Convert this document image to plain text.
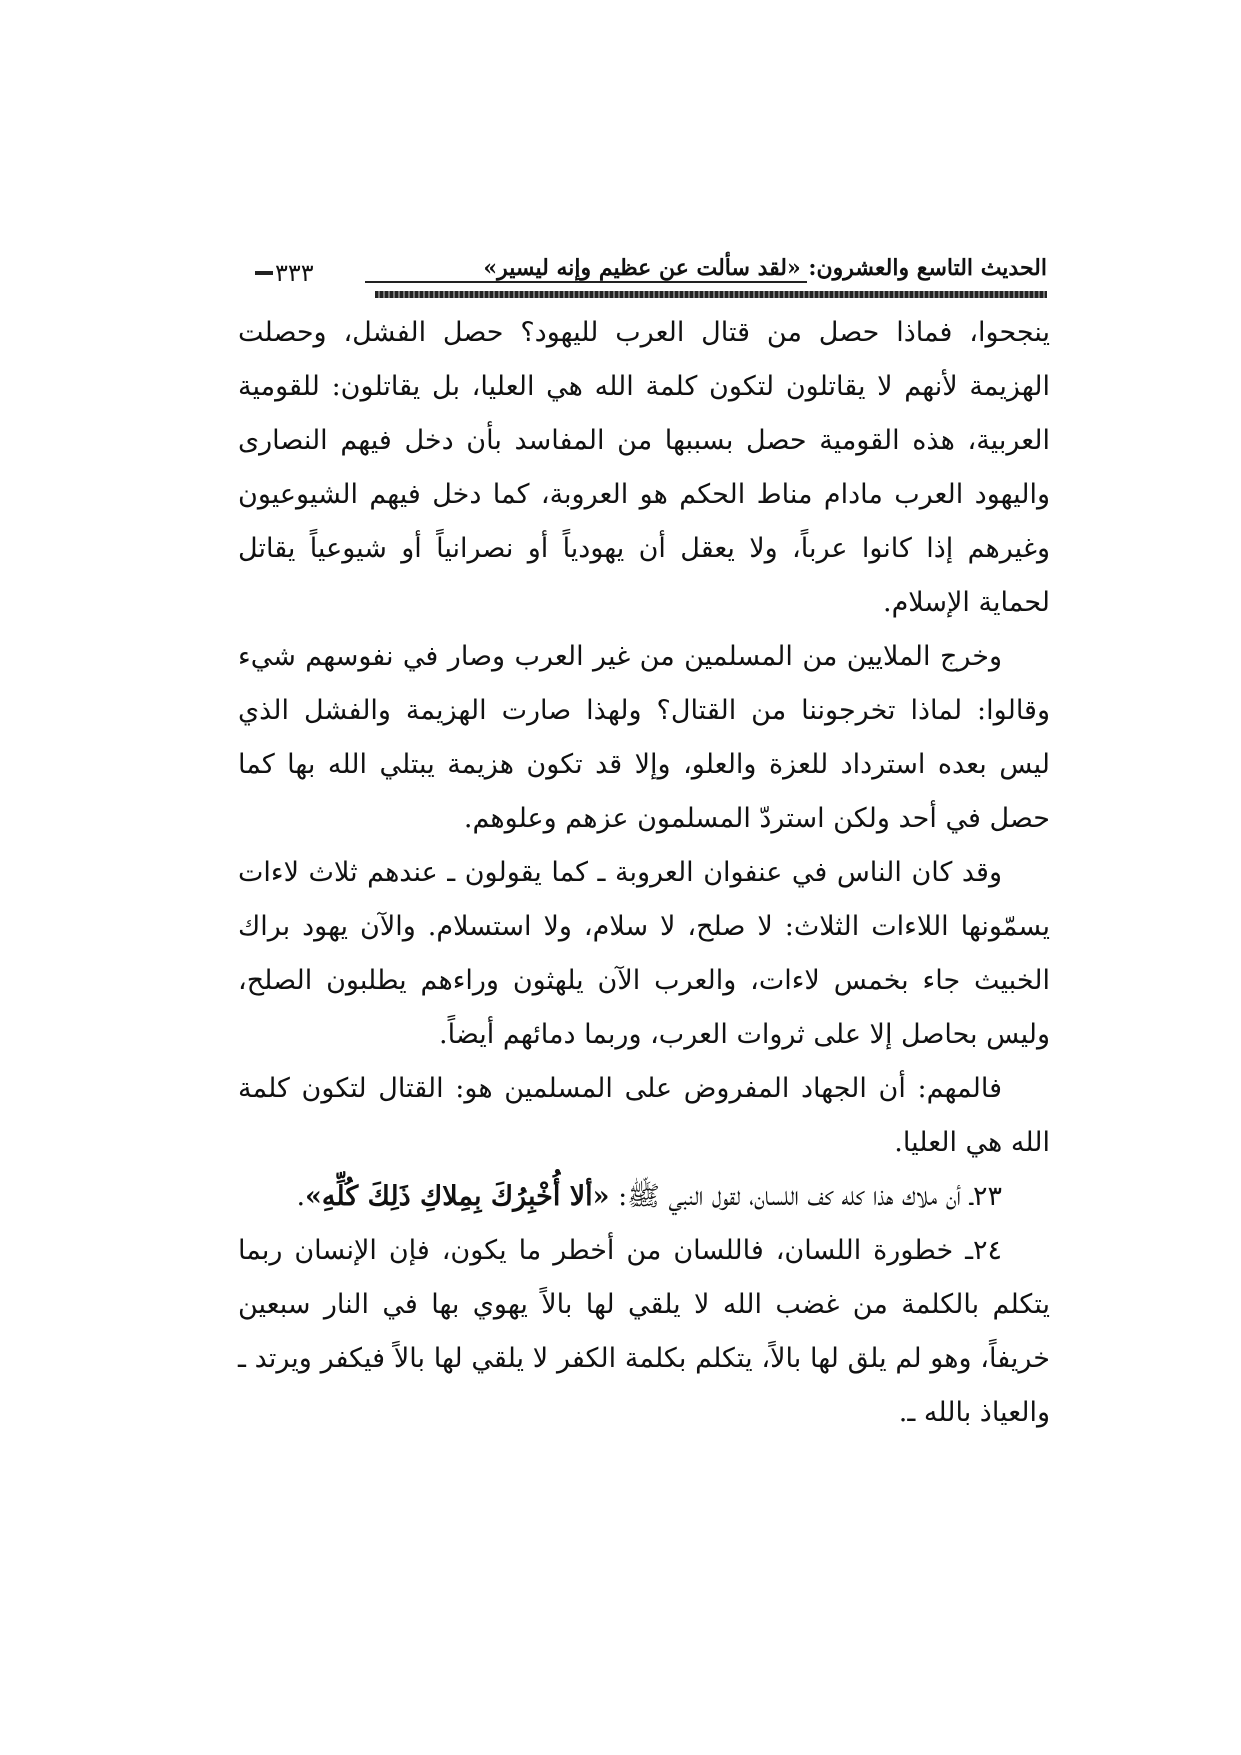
الحديث التاسع والعشرون: «لقد سألت عن عظيم وإنه ليسير»
٣٣٣

ينجحوا، فماذا حصل من قتال العرب لليهود؟ حصل الفشل، وحصلت الهزيمة لأنهم لا يقاتلون لتكون كلمة الله هي العليا، بل يقاتلون: للقومية العربية، هذه القومية حصل بسببها من المفاسد بأن دخل فيهم النصارى واليهود العرب مادام مناط الحكم هو العروبة، كما دخل فيهم الشيوعيون وغيرهم إذا كانوا عرباً، ولا يعقل أن يهودياً أو نصرانياً أو شيوعياً يقاتل لحماية الإسلام.

وخرج الملايين من المسلمين من غير العرب وصار في نفوسهم شيء وقالوا: لماذا تخرجوننا من القتال؟ ولهذا صارت الهزيمة والفشل الذي ليس بعده استرداد للعزة والعلو، وإلا قد تكون هزيمة يبتلي الله بها كما حصل في أحد ولكن استردّ المسلمون عزهم وعلوهم.

وقد كان الناس في عنفوان العروبة ـ كما يقولون ـ عندهم ثلاث لاءات يسمّونها اللاءات الثلاث: لا صلح، لا سلام، ولا استسلام. والآن يهود براك الخبيث جاء بخمس لاءات، والعرب الآن يلهثون وراءهم يطلبون الصلح، وليس بحاصل إلا على ثروات العرب، وربما دمائهم أيضاً.

فالمهم: أن الجهاد المفروض على المسلمين هو: القتال لتكون كلمة الله هي العليا.

٢٣ـ أن ملاك هذا كله كف اللسان، لقول النبي ﷺ: «ألا أُخْبِرُكَ بِمِلاكِ ذَلِكَ كُلِّهِ».

٢٤ـ خطورة اللسان، فاللسان من أخطر ما يكون، فإن الإنسان ربما يتكلم بالكلمة من غضب الله لا يلقي لها بالاً يهوي بها في النار سبعين خريفاً، وهو لم يلق لها بالاً، يتكلم بكلمة الكفر لا يلقي لها بالاً فيكفر ويرتد ـ والعياذ بالله ـ.
